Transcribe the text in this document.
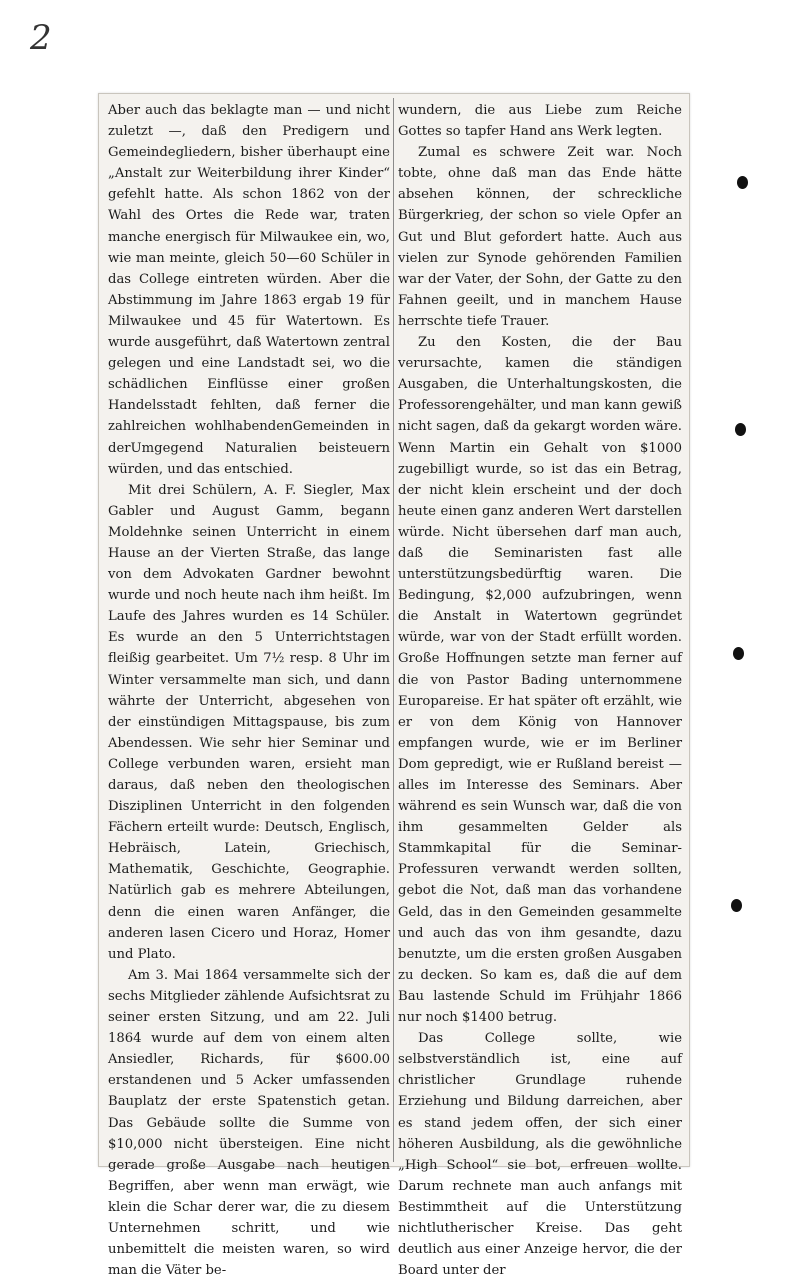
2

Aber auch das beklagte man — und nicht zuletzt —, daß den Predigern und Gemeindegliedern, bisher überhaupt eine „Anstalt zur Weiterbildung ihrer Kinder“ gefehlt hatte. Als schon 1862 von der Wahl des Ortes die Rede war, traten manche energisch für Milwaukee ein, wo, wie man meinte, gleich 50—60 Schüler in das College eintreten würden. Aber die Abstimmung im Jahre 1863 ergab 19 für Milwaukee und 45 für Watertown. Es wurde ausgeführt, daß Watertown zentral gelegen und eine Landstadt sei, wo die schädlichen Einflüsse einer großen Handelsstadt fehlten, daß ferner die zahlreichen wohlhabendenGemeinden in derUmgegend Naturalien beisteuern würden, und das entschied.

Mit drei Schülern, A. F. Siegler, Max Gabler und August Gamm, begann Moldehnke seinen Unterricht in einem Hause an der Vierten Straße, das lange von dem Advokaten Gardner bewohnt wurde und noch heute nach ihm heißt. Im Laufe des Jahres wurden es 14 Schüler. Es wurde an den 5 Unterrichtstagen fleißig gearbeitet. Um 7½ resp. 8 Uhr im Winter versammelte man sich, und dann währte der Unterricht, abgesehen von der einstündigen Mittagspause, bis zum Abendessen. Wie sehr hier Seminar und College verbunden waren, ersieht man daraus, daß neben den theologischen Disziplinen Unterricht in den folgenden Fächern erteilt wurde: Deutsch, Englisch, Hebräisch, Latein, Griechisch, Mathematik, Geschichte, Geographie. Natürlich gab es mehrere Abteilungen, denn die einen waren Anfänger, die anderen lasen Cicero und Horaz, Homer und Plato.

Am 3. Mai 1864 versammelte sich der sechs Mitglieder zählende Aufsichtsrat zu seiner ersten Sitzung, und am 22. Juli 1864 wurde auf dem von einem alten Ansiedler, Richards, für $600.00 erstandenen und 5 Acker umfassenden Bauplatz der erste Spatenstich getan. Das Gebäude sollte die Summe von $10,000 nicht übersteigen. Eine nicht gerade große Ausgabe nach heutigen Begriffen, aber wenn man erwägt, wie klein die Schar derer war, die zu diesem Unternehmen schritt, und wie unbemittelt die meisten waren, so wird man die Väter be-

wundern, die aus Liebe zum Reiche Gottes so tapfer Hand ans Werk legten.

Zumal es schwere Zeit war. Noch tobte, ohne daß man das Ende hätte absehen können, der schreckliche Bürgerkrieg, der schon so viele Opfer an Gut und Blut gefordert hatte. Auch aus vielen zur Synode gehörenden Familien war der Vater, der Sohn, der Gatte zu den Fahnen geeilt, und in manchem Hause herrschte tiefe Trauer.

Zu den Kosten, die der Bau verursachte, kamen die ständigen Ausgaben, die Unterhaltungskosten, die Professorengehälter, und man kann gewiß nicht sagen, daß da gekargt worden wäre. Wenn Martin ein Gehalt von $1000 zugebilligt wurde, so ist das ein Betrag, der nicht klein erscheint und der doch heute einen ganz anderen Wert darstellen würde. Nicht übersehen darf man auch, daß die Seminaristen fast alle unterstützungsbedürftig waren. Die Bedingung, $2,000 aufzubringen, wenn die Anstalt in Watertown gegründet würde, war von der Stadt erfüllt worden. Große Hoffnungen setzte man ferner auf die von Pastor Bading unternommene Europareise. Er hat später oft erzählt, wie er von dem König von Hannover empfangen wurde, wie er im Berliner Dom gepredigt, wie er Rußland bereist — alles im Interesse des Seminars. Aber während es sein Wunsch war, daß die von ihm gesammelten Gelder als Stammkapital für die Seminar-Professuren verwandt werden sollten, gebot die Not, daß man das vorhandene Geld, das in den Gemeinden gesammelte und auch das von ihm gesandte, dazu benutzte, um die ersten großen Ausgaben zu decken. So kam es, daß die auf dem Bau lastende Schuld im Frühjahr 1866 nur noch $1400 betrug.

Das College sollte, wie selbstverständlich ist, eine auf christlicher Grundlage ruhende Erziehung und Bildung darreichen, aber es stand jedem offen, der sich einer höheren Ausbildung, als die gewöhnliche „High School“ sie bot, erfreuen wollte. Darum rechnete man auch anfangs mit Bestimmtheit auf die Unterstützung nichtlutherischer Kreise. Das geht deutlich aus einer Anzeige hervor, die der Board unter der
